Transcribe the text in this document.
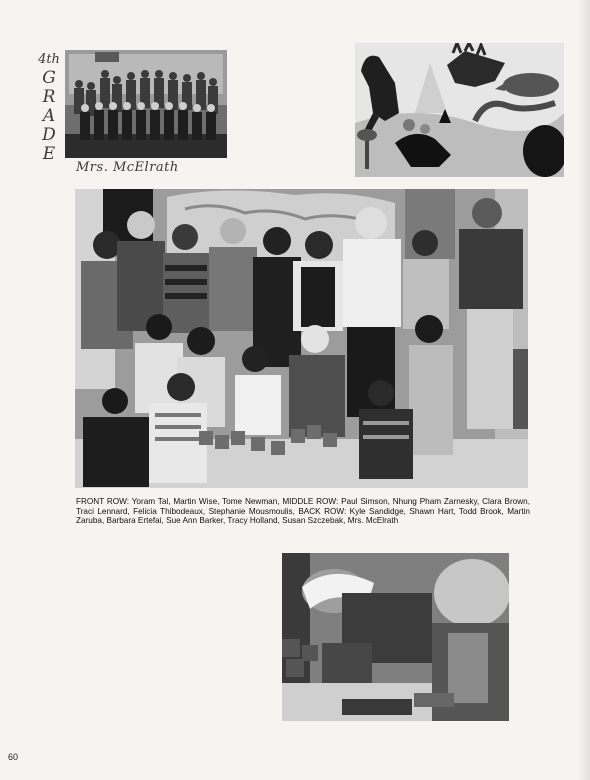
4th
G
R
A
D
E
Mrs. McElrath
FRONT ROW: Yoram Tal, Martin Wise, Tome Newman, MIDDLE ROW: Paul Simson, Nhung Pham Zarnesky, Clara Brown, Traci Lennard, Felicia Thibodeaux, Stephanie Mousmoulis, BACK ROW: Kyle Sandidge, Shawn Hart, Todd Brook, Martin Zaruba, Barbara Ertefai, Sue Ann Barker, Tracy Holland, Susan Szczebak, Mrs. McElrath
60
